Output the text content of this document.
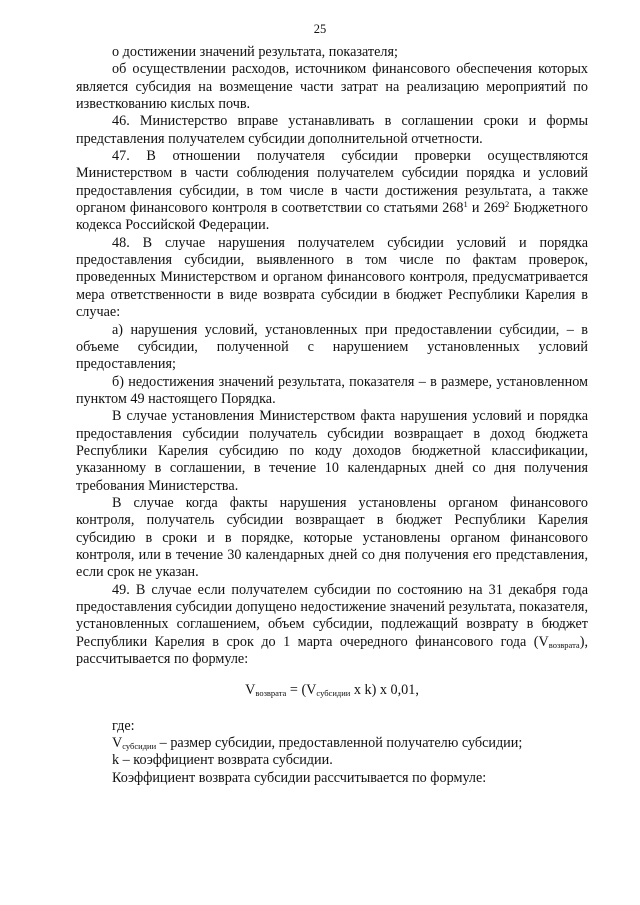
25

о достижении значений результата, показателя;

об осуществлении расходов, источником финансового обеспечения которых является субсидия на возмещение части затрат на реализацию мероприятий по известкованию кислых почв.

46. Министерство вправе устанавливать в соглашении сроки и формы представления получателем субсидии дополнительной отчетности.

47. В отношении получателя субсидии проверки осуществляются Министерством в части соблюдения получателем субсидии порядка и условий предоставления субсидии, в том числе в части достижения результата, а также органом финансового контроля в соответствии со статьями $268^1$ и $269^2$ Бюджетного кодекса Российской Федерации.

48. В случае нарушения получателем субсидии условий и порядка предоставления субсидии, выявленного в том числе по фактам проверок, проведенных Министерством и органом финансового контроля, предусматривается мера ответственности в виде возврата субсидии в бюджет Республики Карелия в случае:

а) нарушения условий, установленных при предоставлении субсидии, – в объеме субсидии, полученной с нарушением установленных условий предоставления;

б) недостижения значений результата, показателя – в размере, установленном пунктом 49 настоящего Порядка.

В случае установления Министерством факта нарушения условий и порядка предоставления субсидии получатель субсидии возвращает в доход бюджета Республики Карелия субсидию по коду доходов бюджетной классификации, указанному в соглашении, в течение 10 календарных дней со дня получения требования Министерства.

В случае когда факты нарушения установлены органом финансового контроля, получатель субсидии возвращает в бюджет Республики Карелия субсидию в сроки и в порядке, которые установлены органом финансового контроля, или в течение 30 календарных дней со дня получения его представления, если срок не указан.

49. В случае если получателем субсидии по состоянию на 31 декабря года предоставления субсидии допущено недостижение значений результата, показателя, установленных соглашением, объем субсидии, подлежащий возврату в бюджет Республики Карелия в срок до 1 марта очередного финансового года $(V_{возврата})$, рассчитывается по формуле:

$V_{возврата} = (V_{субсидии}$ x k) x 0,01,

где:

$V_{субсидии}$ – размер субсидии, предоставленной получателю субсидии;

k – коэффициент возврата субсидии.

Коэффициент возврата субсидии рассчитывается по формуле:
